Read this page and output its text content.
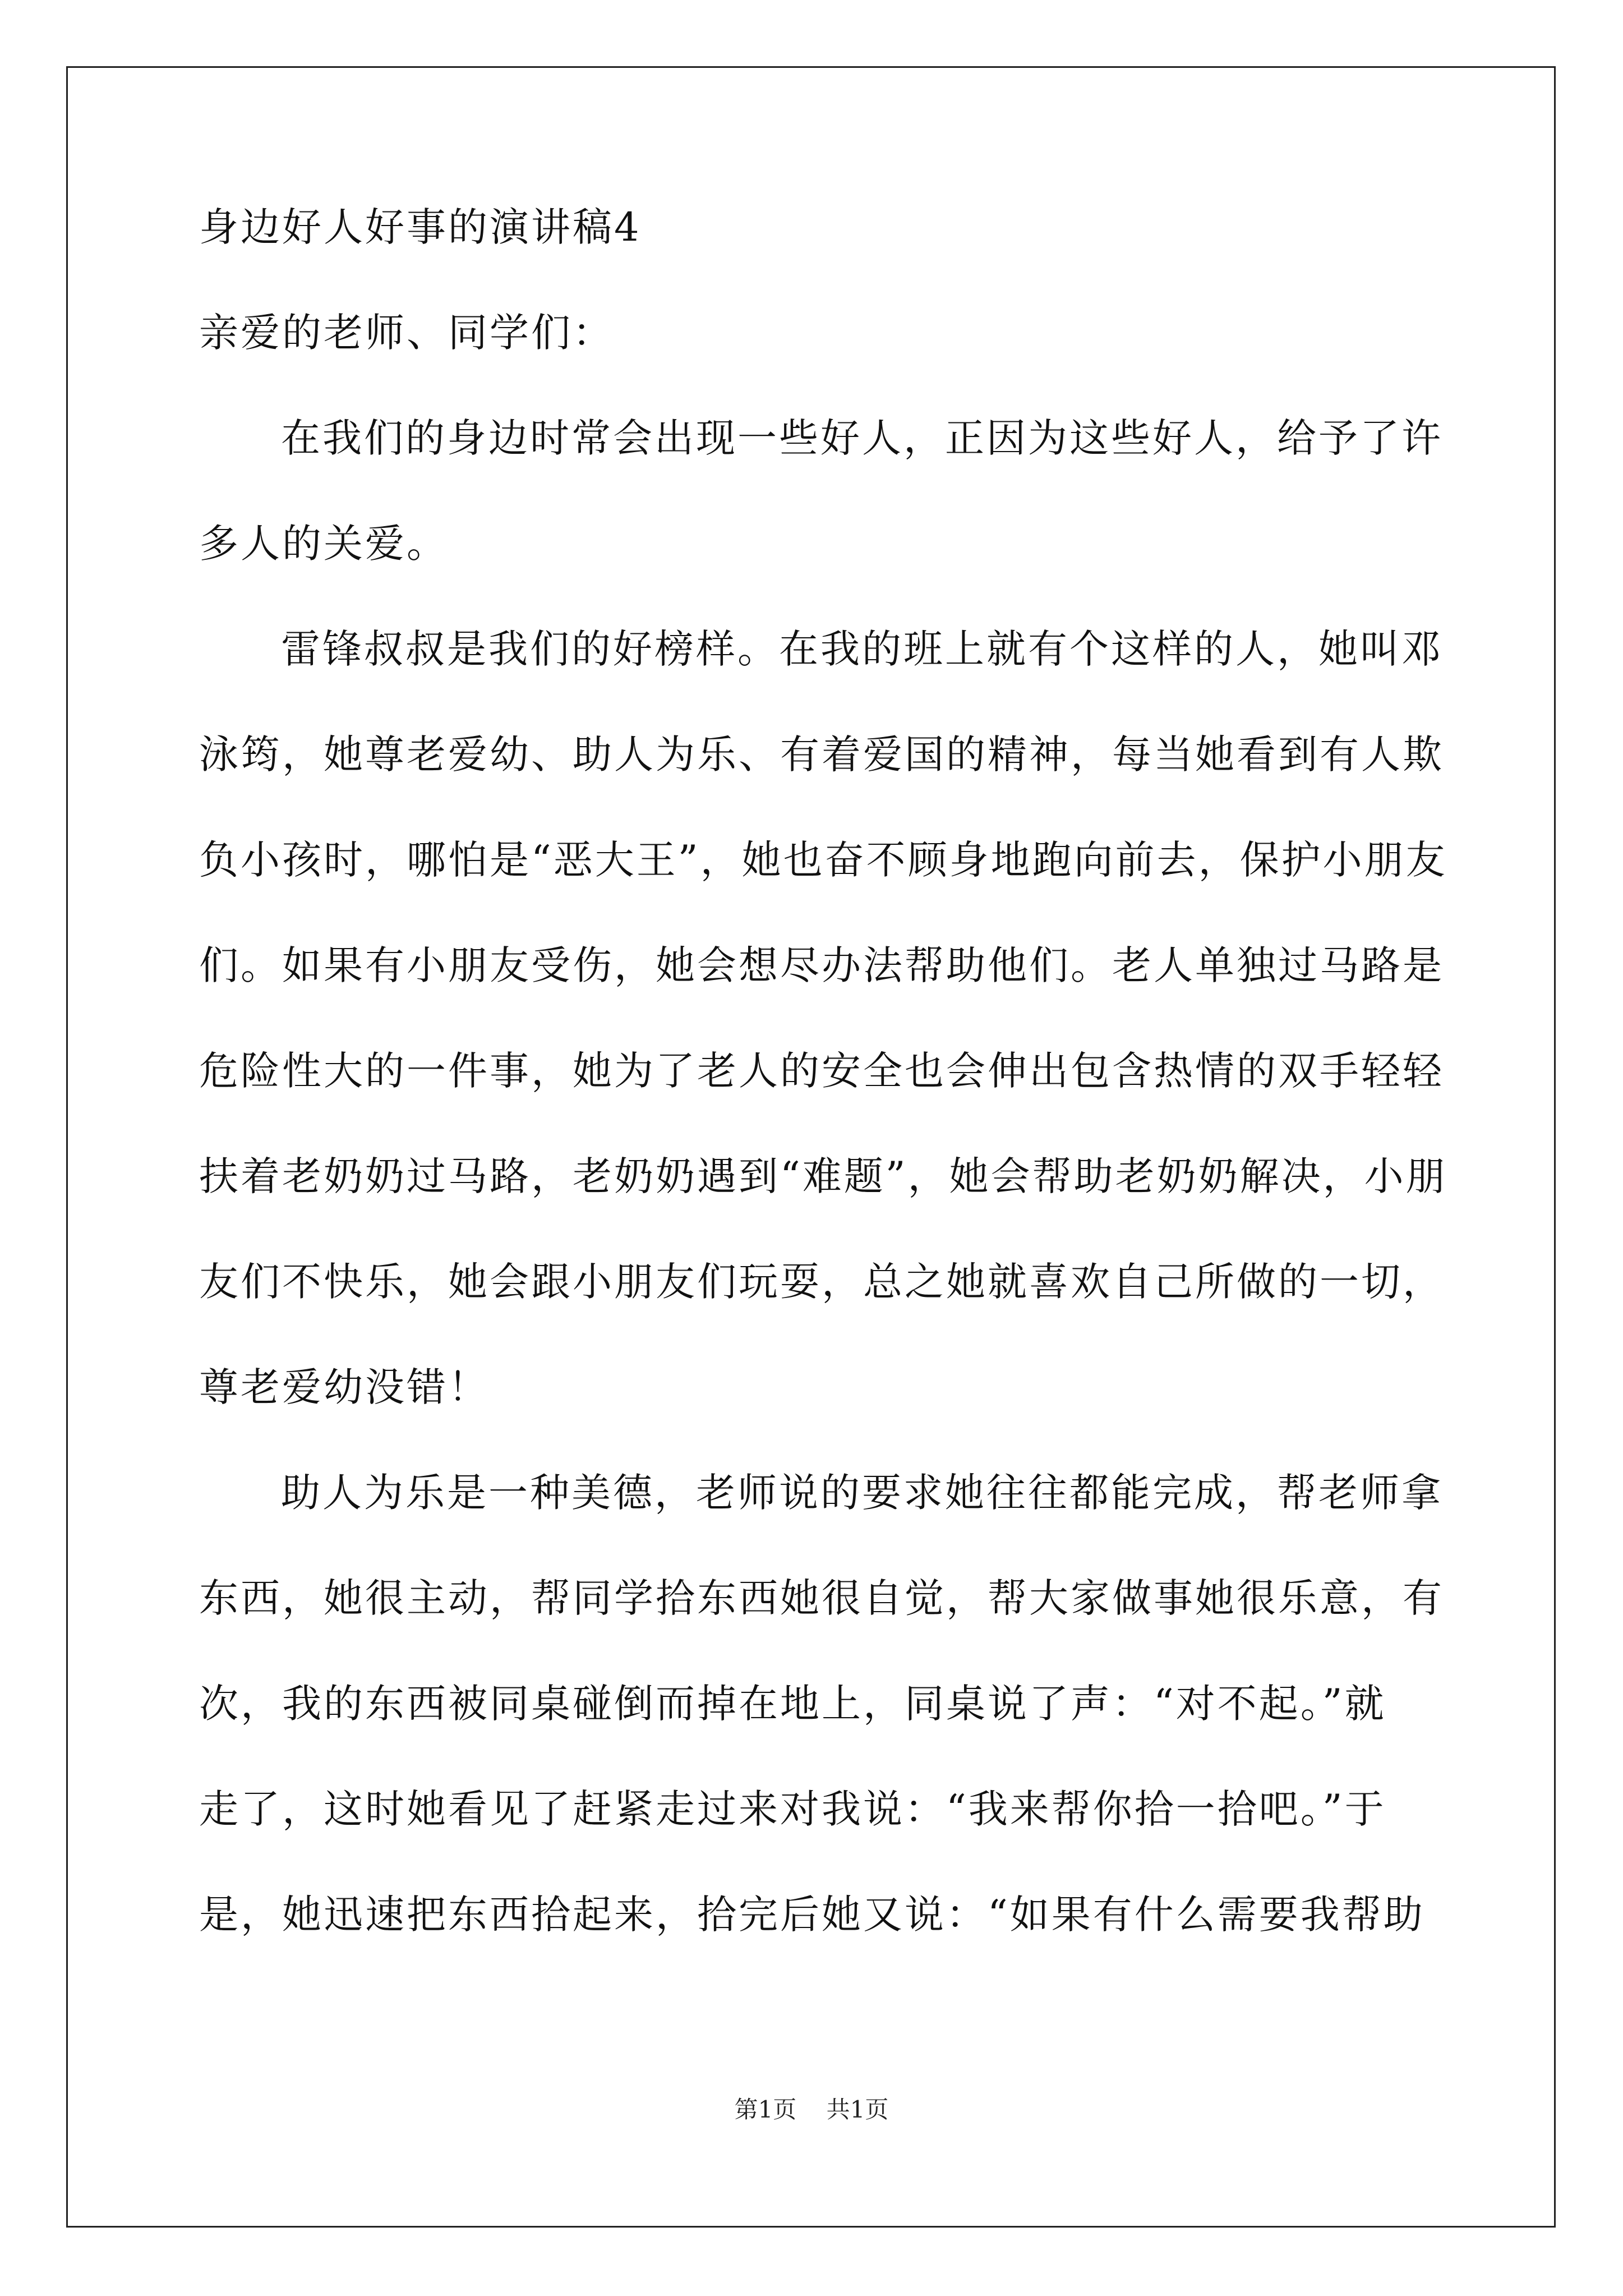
身边好人好事的演讲稿4
亲爱的老师、同学们：
在我们的身边时常会出现一些好人，正因为这些好人，给予了许
多人的关爱。
雷锋叔叔是我们的好榜样。在我的班上就有个这样的人，她叫邓
泳筠，她尊老爱幼、助人为乐、有着爱国的精神，每当她看到有人欺
负小孩时，哪怕是“恶大王”，她也奋不顾身地跑向前去，保护小朋友
们。如果有小朋友受伤，她会想尽办法帮助他们。老人单独过马路是
危险性大的一件事，她为了老人的安全也会伸出包含热情的双手轻轻
扶着老奶奶过马路，老奶奶遇到“难题”，她会帮助老奶奶解决，小朋
友们不快乐，她会跟小朋友们玩耍，总之她就喜欢自己所做的一切，
尊老爱幼没错！
助人为乐是一种美德，老师说的要求她往往都能完成，帮老师拿
东西，她很主动，帮同学拾东西她很自觉，帮大家做事她很乐意，有
次，我的东西被同桌碰倒而掉在地上，同桌说了声：“对不起。”就
走了，这时她看见了赶紧走过来对我说：“我来帮你拾一拾吧。”于
是，她迅速把东西拾起来，拾完后她又说：“如果有什么需要我帮助
第1页 共1页
